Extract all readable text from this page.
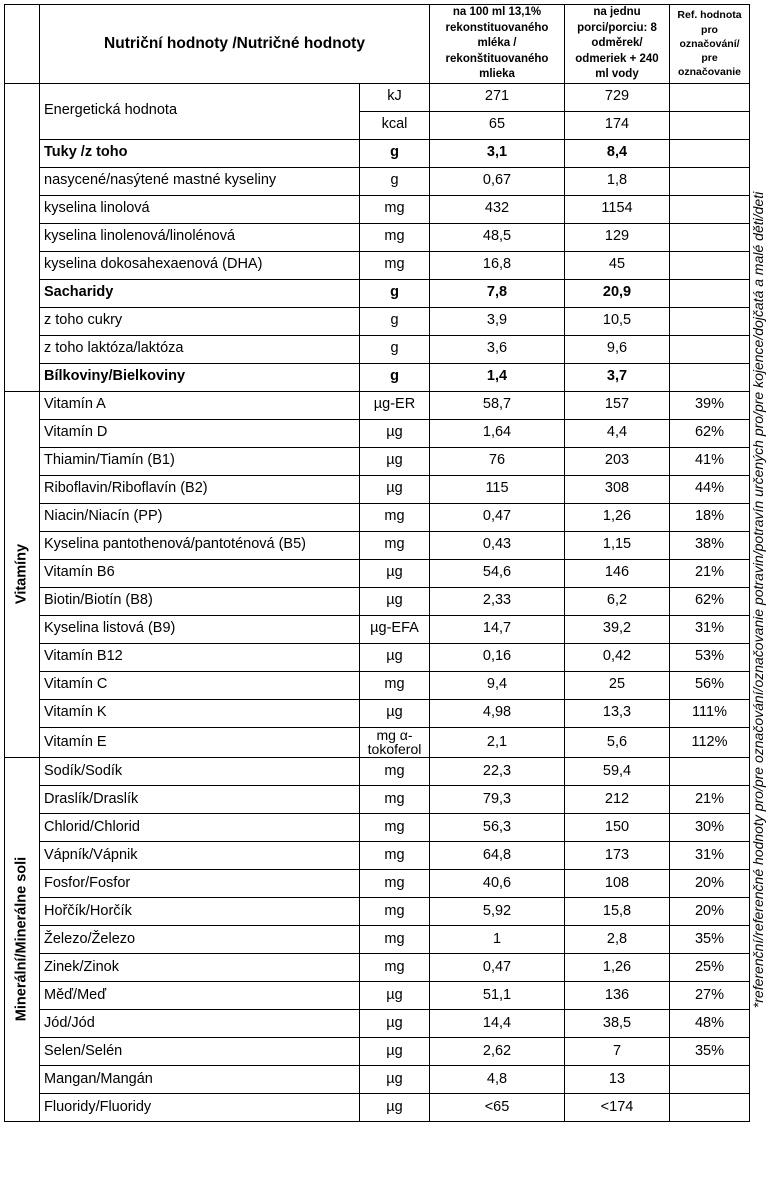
	Nutriční hodnoty /Nutričné hodnoty		na 100 ml 13,1% rekonstituovaného mléka / rekonštituovaného mlieka	na jednu porci/porciu: 8 odměrek/ odmeriek + 240 ml vody	Ref. hodnota pro označování/ pre označovanie
	Energetická hodnota	kJ	271	729	
		kcal	65	174	
	Tuky /z toho	g	3,1	8,4	
	nasycené/nasýtené mastné kyseliny	g	0,67	1,8	
	kyselina linolová	mg	432	1154	
	kyselina linolenová/linolénová	mg	48,5	129	
	kyselina dokosahexaenová (DHA)	mg	16,8	45	
	Sacharidy	g	7,8	20,9	
	z toho cukry	g	3,9	10,5	
	z toho laktóza/laktóza	g	3,6	9,6	
	Bílkoviny/Bielkoviny	g	1,4	3,7	

Vitamíny	Vitamín A	µg-ER	58,7	157	39%
	Vitamín D	µg	1,64	4,4	62%
	Thiamin/Tiamín (B1)	µg	76	203	41%
	Riboflavin/Riboflavín (B2)	µg	115	308	44%
	Niacin/Niacín (PP)	mg	0,47	1,26	18%
	Kyselina pantothenová/pantoténová (B5)	mg	0,43	1,15	38%
	Vitamín B6	µg	54,6	146	21%
	Biotin/Biotín (B8)	µg	2,33	6,2	62%
	Kyselina listová (B9)	µg-EFA	14,7	39,2	31%
	Vitamín B12	µg	0,16	0,42	53%
	Vitamín C	mg	9,4	25	56%
	Vitamín K	µg	4,98	13,3	111%
	Vitamín E	mg α-
tokoferol	2,1	5,6	112%

Minerální/Minerálne soli	Sodík/Sodík	mg	22,3	59,4	
	Draslík/Draslík	mg	79,3	212	21%
	Chlorid/Chlorid	mg	56,3	150	30%
	Vápník/Vápnik	mg	64,8	173	31%
	Fosfor/Fosfor	mg	40,6	108	20%
	Hořčík/Horčík	mg	5,92	15,8	20%
	Železo/Železo	mg	1	2,8	35%
	Zinek/Zinok	mg	0,47	1,26	25%
	Měď/Meď	µg	51,1	136	27%
	Jód/Jód	µg	14,4	38,5	48%
	Selen/Selén	µg	2,62	7	35%
	Mangan/Mangán	µg	4,8	13	
	Fluoridy/Fluoridy	µg	<65	<174	
*referenční/referenčné hodnoty pro/pre označování/označovanie potravin/potravín určených pro/pre kojence/dojčatá a malé děti/deti
